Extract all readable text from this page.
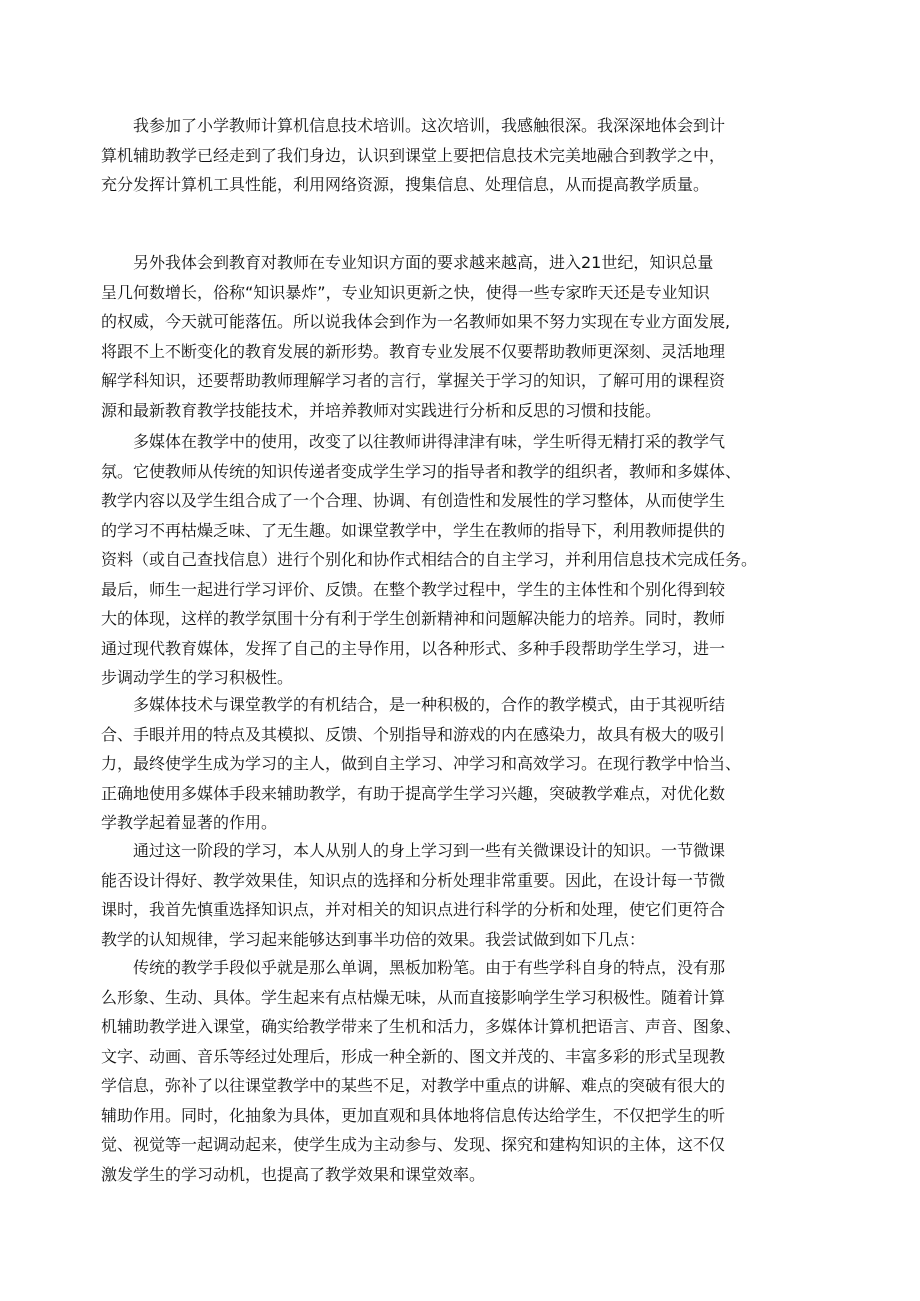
　　我参加了小学教师计算机信息技术培训。这次培训，我感触很深。我深深地体会到计
算机辅助教学已经走到了我们身边，认识到课堂上要把信息技术完美地融合到教学之中，
充分发挥计算机工具性能，利用网络资源，搜集信息、处理信息，从而提高教学质量。

　　另外我体会到教育对教师在专业知识方面的要求越来越高，进入21世纪，知识总量
呈几何数增长，俗称“知识暴炸”，专业知识更新之快，使得一些专家昨天还是专业知识
的权威，今天就可能落伍。所以说我体会到作为一名教师如果不努力实现在专业方面发展,
将跟不上不断变化的教育发展的新形势。教育专业发展不仅要帮助教师更深刻、灵活地理
解学科知识，还要帮助教师理解学习者的言行，掌握关于学习的知识，了解可用的课程资
源和最新教育教学技能技术，并培养教师对实践进行分析和反思的习惯和技能。

　　多媒体在教学中的使用，改变了以往教师讲得津津有味，学生听得无精打采的教学气
氛。它使教师从传统的知识传递者变成学生学习的指导者和教学的组织者，教师和多媒体、
教学内容以及学生组合成了一个合理、协调、有创造性和发展性的学习整体，从而使学生
的学习不再枯燥乏味、了无生趣。如课堂教学中，学生在教师的指导下，利用教师提供的
资料（或自己查找信息）进行个别化和协作式相结合的自主学习，并利用信息技术完成任务。
最后，师生一起进行学习评价、反馈。在整个教学过程中，学生的主体性和个别化得到较
大的体现，这样的教学氛围十分有利于学生创新精神和问题解决能力的培养。同时，教师
通过现代教育媒体，发挥了自己的主导作用，以各种形式、多种手段帮助学生学习，进一
步调动学生的学习积极性。

　　多媒体技术与课堂教学的有机结合，是一种积极的，合作的教学模式，由于其视听结
合、手眼并用的特点及其模拟、反馈、个别指导和游戏的内在感染力，故具有极大的吸引
力，最终使学生成为学习的主人，做到自主学习、冲学习和高效学习。在现行教学中恰当、
正确地使用多媒体手段来辅助教学，有助于提高学生学习兴趣，突破教学难点，对优化数
学教学起着显著的作用。

　　通过这一阶段的学习，本人从别人的身上学习到一些有关微课设计的知识。一节微课
能否设计得好、教学效果佳，知识点的选择和分析处理非常重要。因此，在设计每一节微
课时，我首先慎重选择知识点，并对相关的知识点进行科学的分析和处理，使它们更符合
教学的认知规律，学习起来能够达到事半功倍的效果。我尝试做到如下几点：

　　传统的教学手段似乎就是那么单调，黑板加粉笔。由于有些学科自身的特点，没有那
么形象、生动、具体。学生起来有点枯燥无味，从而直接影响学生学习积极性。随着计算
机辅助教学进入课堂，确实给教学带来了生机和活力，多媒体计算机把语言、声音、图象、
文字、动画、音乐等经过处理后，形成一种全新的、图文并茂的、丰富多彩的形式呈现教
学信息，弥补了以往课堂教学中的某些不足，对教学中重点的讲解、难点的突破有很大的
辅助作用。同时，化抽象为具体，更加直观和具体地将信息传达给学生，不仅把学生的听
觉、视觉等一起调动起来，使学生成为主动参与、发现、探究和建构知识的主体，这不仅
激发学生的学习动机，也提高了教学效果和课堂效率。
